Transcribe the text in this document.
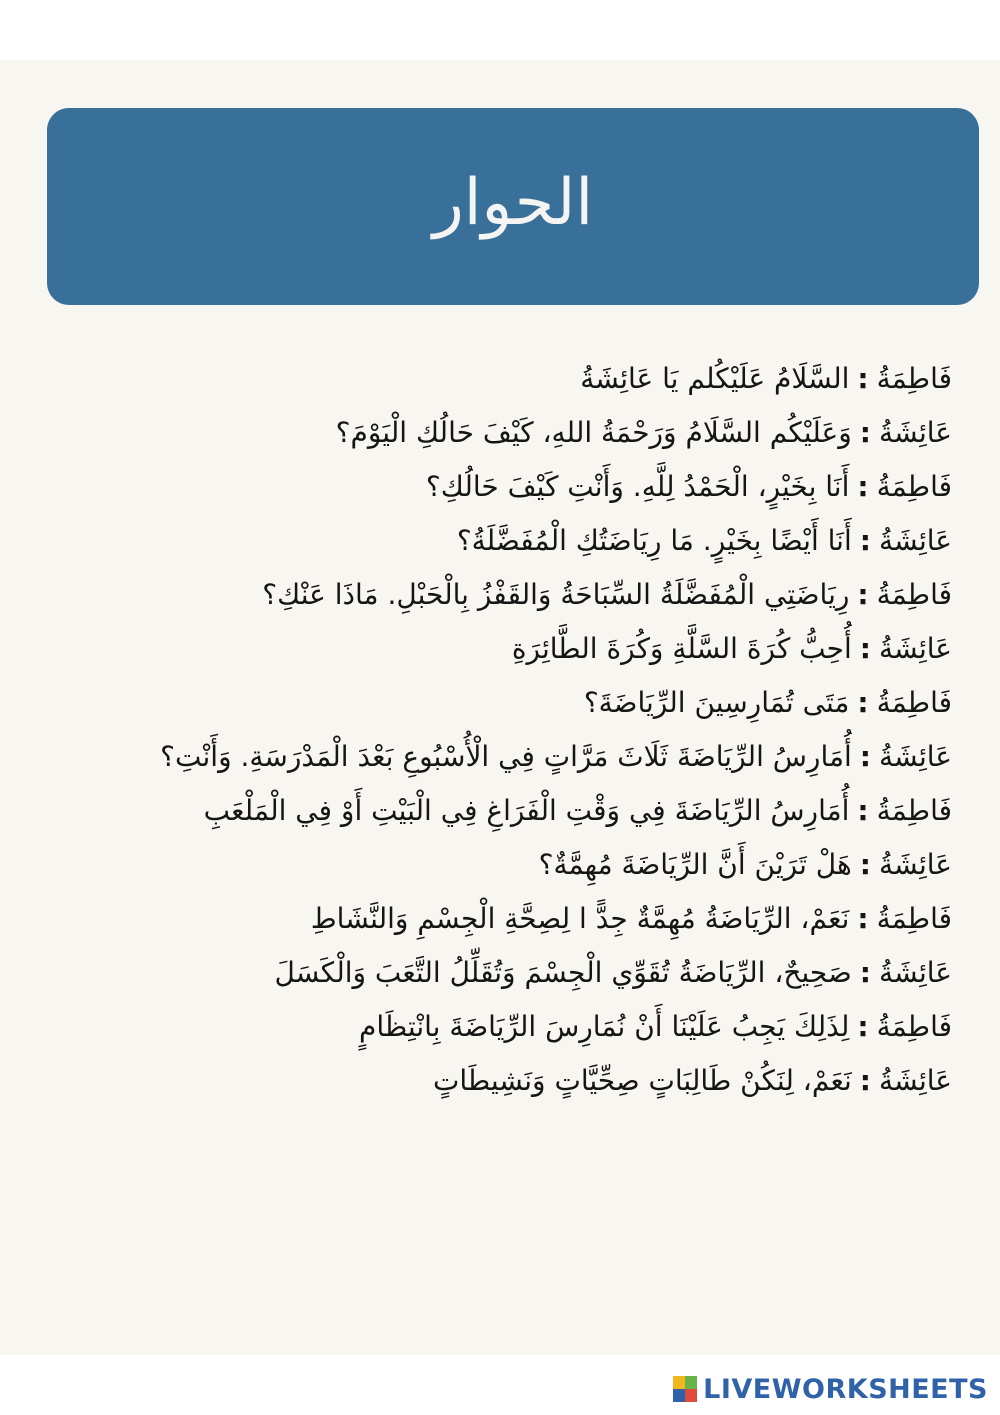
الحوار
فَاطِمَةُ:السَّلَامُ عَلَيْكُلم يَا عَائِشَةُ
عَائِشَةُ:وَعَلَيْكُم السَّلَامُ وَرَحْمَةُ اللهِ، كَيْفَ حَالُكِ الْيَوْمَ؟
فَاطِمَةُ:أَنَا بِخَيْرٍ، الْحَمْدُ لِلَّهِ. وَأَنْتِ كَيْفَ حَالُكِ؟
عَائِشَةُ:أَنَا أَيْضًا بِخَيْرٍ. مَا رِيَاضَتُكِ الْمُفَضَّلَةُ؟
فَاطِمَةُ:رِيَاضَتِي الْمُفَضَّلَةُ السِّبَاحَةُ وَالقَفْزُ بِالْحَبْلِ. مَاذَا عَنْكِ؟
عَائِشَةُ:أُحِبُّ كُرَةَ السَّلَّةِ وَكُرَةَ الطَّائِرَةِ
فَاطِمَةُ:مَتَى تُمَارِسِينَ الرِّيَاضَةَ؟
عَائِشَةُ:أُمَارِسُ الرِّيَاضَةَ ثَلَاثَ مَرَّاتٍ فِي الْأُسْبُوعِ بَعْدَ الْمَدْرَسَةِ. وَأَنْتِ؟
فَاطِمَةُ:أُمَارِسُ الرِّيَاضَةَ فِي وَقْتِ الْفَرَاغِ فِي الْبَيْتِ أَوْ فِي الْمَلْعَبِ
عَائِشَةُ:هَلْ تَرَيْنَ أَنَّ الرِّيَاضَةَ مُهِمَّةٌ؟
فَاطِمَةُ:نَعَمْ، الرِّيَاضَةُ مُهِمَّةٌ جِدًّ ا لِصِحَّةِ الْجِسْمِ وَالنَّشَاطِ
عَائِشَةُ:صَحِيحٌ، الرِّيَاضَةُ تُقَوِّي الْجِسْمَ وَتُقَلِّلُ التَّعَبَ وَالْكَسَلَ
فَاطِمَةُ:لِذَلِكَ يَجِبُ عَلَيْنَا أَنْ نُمَارِسَ الرِّيَاضَةَ بِانْتِظَامٍ
عَائِشَةُ:نَعَمْ، لِنَكُنْ طَالِبَاتٍ صِحِّيَّاتٍ وَنَشِيطَاتٍ
LIVEWORKSHEETS
